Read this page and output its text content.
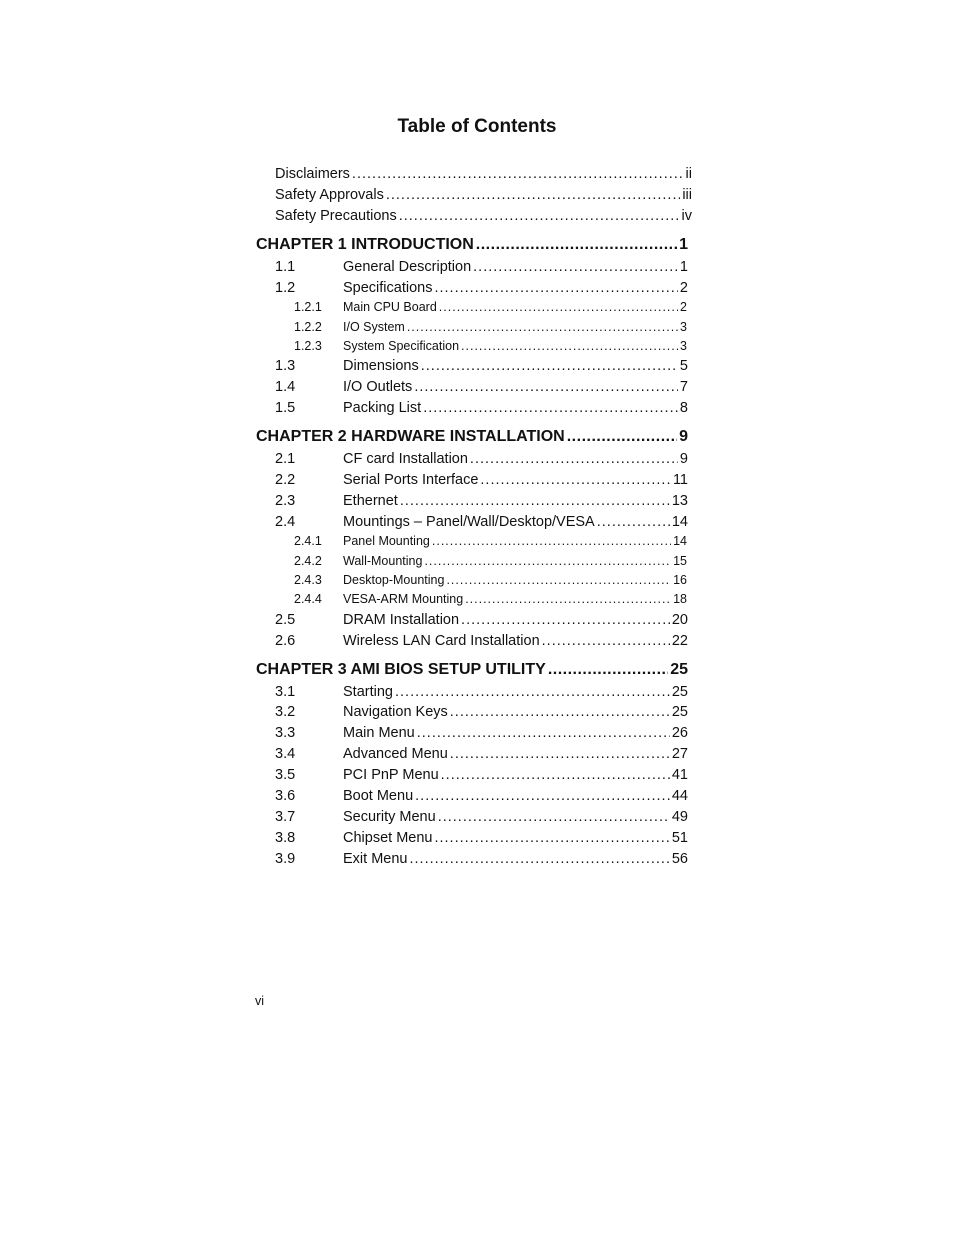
Table of Contents
Disclaimers .....	ii
Safety Approvals .....	iii
Safety Precautions .....	iv
CHAPTER 1 INTRODUCTION .....	1
1.1	General Description .....	1
1.2	Specifications .....	2
1.2.1	Main CPU Board .....	2
1.2.2	I/O System .....	3
1.2.3	System Specification .....	3
1.3	Dimensions .....	5
1.4	I/O Outlets .....	7
1.5	Packing List .....	8
CHAPTER 2 HARDWARE INSTALLATION .....	9
2.1	CF card Installation .....	9
2.2	Serial Ports Interface .....	11
2.3	Ethernet .....	13
2.4	Mountings – Panel/Wall/Desktop/VESA .....	14
2.4.1	Panel Mounting .....	14
2.4.2	Wall-Mounting .....	15
2.4.3	Desktop-Mounting .....	16
2.4.4	VESA-ARM Mounting .....	18
2.5	DRAM Installation .....	20
2.6	Wireless LAN Card Installation .....	22
CHAPTER 3 AMI BIOS SETUP UTILITY .....	25
3.1	Starting .....	25
3.2	Navigation Keys .....	25
3.3	Main Menu .....	26
3.4	Advanced Menu .....	27
3.5	PCI PnP Menu .....	41
3.6	Boot Menu .....	44
3.7	Security Menu .....	49
3.8	Chipset Menu .....	51
3.9	Exit Menu .....	56
vi
